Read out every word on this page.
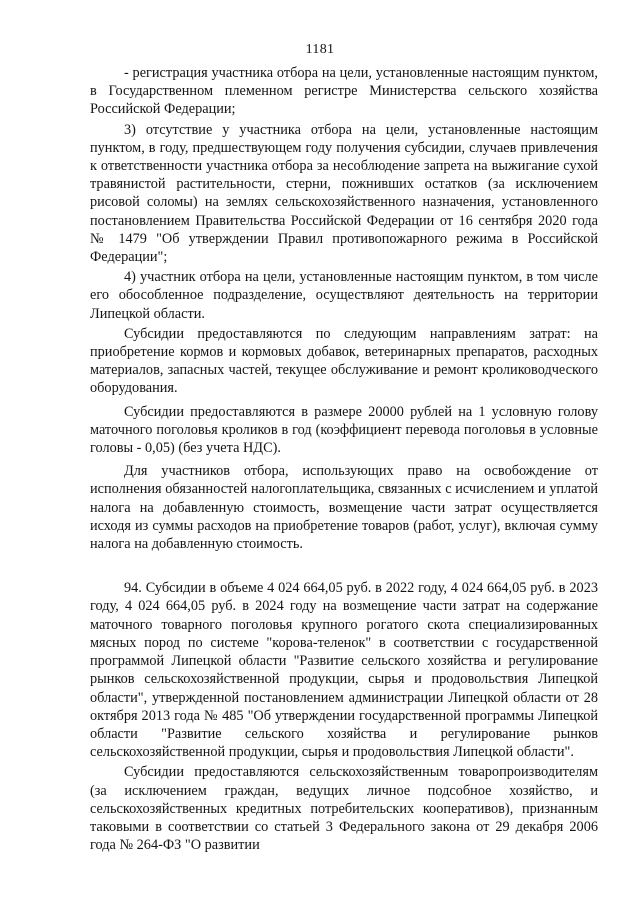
1181

- регистрация участника отбора на цели, установленные настоящим пунктом, в Государственном племенном регистре Министерства сельского хозяйства Российской Федерации;

3) отсутствие у участника отбора на цели, установленные настоящим пунктом, в году, предшествующем году получения субсидии, случаев привлечения к ответственности участника отбора за несоблюдение запрета на выжигание сухой травянистой растительности, стерни, пожнивших остатков (за исключением рисовой соломы) на землях сельскохозяйственного назначения, установленного постановлением Правительства Российской Федерации от 16 сентября 2020 года № 1479 "Об утверждении Правил противопожарного режима в Российской Федерации";

4) участник отбора на цели, установленные настоящим пунктом, в том числе его обособленное подразделение, осуществляют деятельность на территории Липецкой области.

Субсидии предоставляются по следующим направлениям затрат: на приобретение кормов и кормовых добавок, ветеринарных препаратов, расходных материалов, запасных частей, текущее обслуживание и ремонт кролиководческого оборудования.

Субсидии предоставляются в размере 20000 рублей на 1 условную голову маточного поголовья кроликов в год (коэффициент перевода поголовья в условные головы - 0,05) (без учета НДС).

Для участников отбора, использующих право на освобождение от исполнения обязанностей налогоплательщика, связанных с исчислением и уплатой налога на добавленную стоимость, возмещение части затрат осуществляется исходя из суммы расходов на приобретение товаров (работ, услуг), включая сумму налога на добавленную стоимость.

94. Субсидии в объеме 4 024 664,05 руб. в 2022 году, 4 024 664,05 руб. в 2023 году, 4 024 664,05 руб. в 2024 году на возмещение части затрат на содержание маточного товарного поголовья крупного рогатого скота специализированных мясных пород по системе "корова-теленок" в соответствии с государственной программой Липецкой области "Развитие сельского хозяйства и регулирование рынков сельскохозяйственной продукции, сырья и продовольствия Липецкой области", утвержденной постановлением администрации Липецкой области от 28 октября 2013 года № 485 "Об утверждении государственной программы Липецкой области "Развитие сельского хозяйства и регулирование рынков сельскохозяйственной продукции, сырья и продовольствия Липецкой области".

Субсидии предоставляются сельскохозяйственным товаропроизводителям (за исключением граждан, ведущих личное подсобное хозяйство, и сельскохозяйственных кредитных потребительских кооперативов), признанным таковыми в соответствии со статьей 3 Федерального закона от 29 декабря 2006 года № 264-ФЗ "О развитии
